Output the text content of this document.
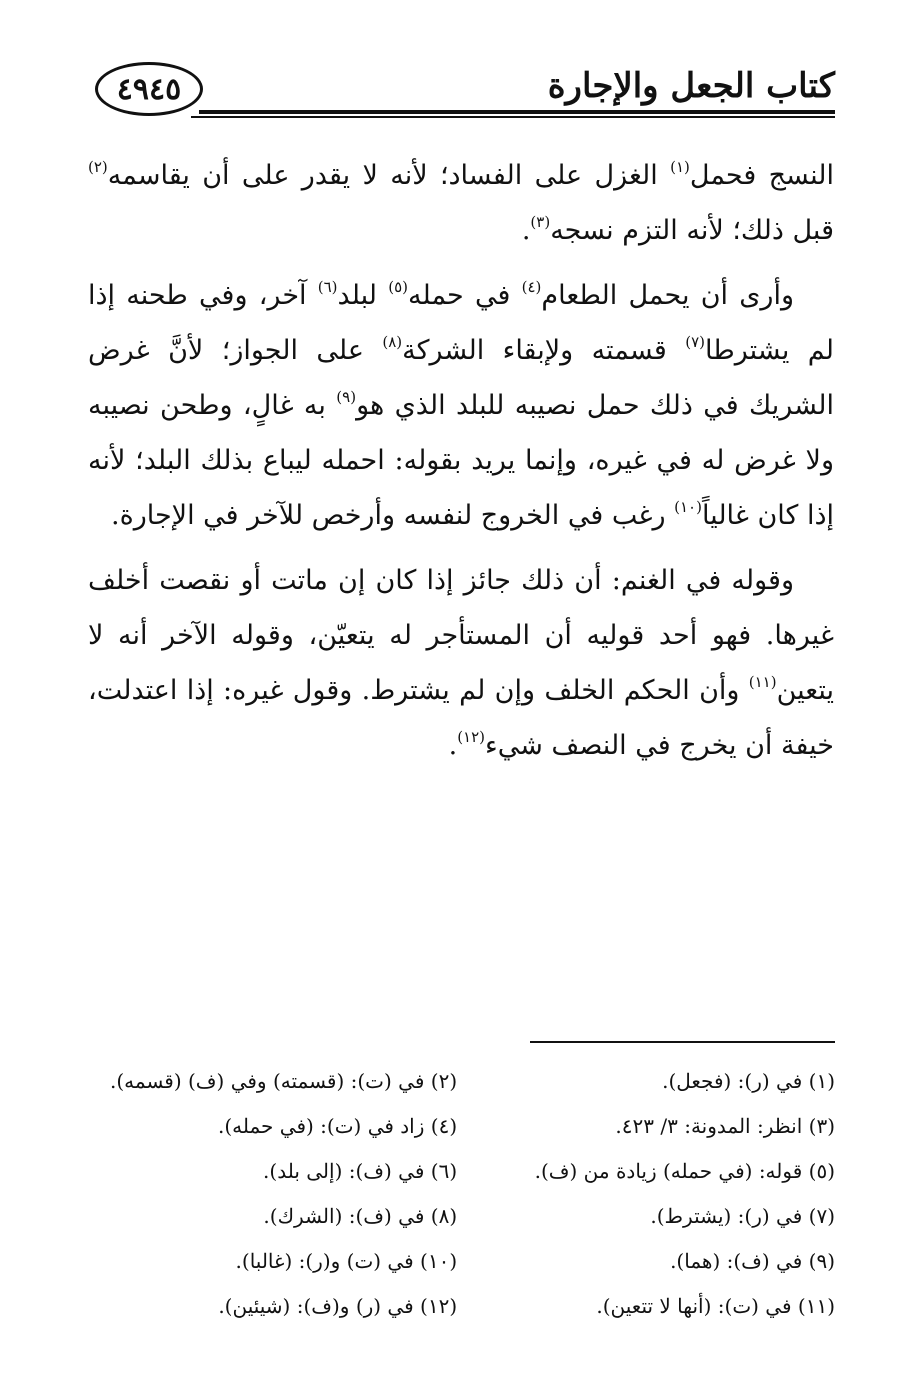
٤٩٤٥	كتاب الجعل والإجارة

النسج فحمل$^{(١)}$ الغزل على الفساد؛ لأنه لا يقدر على أن يقاسمه$^{(٢)}$ قبل ذلك؛ لأنه التزم نسجه$^{(٣)}$.

وأرى أن يحمل الطعام$^{(٤)}$ في حمله$^{(٥)}$ لبلد$^{(٦)}$ آخر، وفي طحنه إذا لم يشترطا$^{(٧)}$ قسمته ولإبقاء الشركة$^{(٨)}$ على الجواز؛ لأنَّ غرض الشريك في ذلك حمل نصيبه للبلد الذي هو$^{(٩)}$ به غالٍ، وطحن نصيبه ولا غرض له في غيره، وإنما يريد بقوله: احمله ليباع بذلك البلد؛ لأنه إذا كان غالياً$^{(١٠)}$ رغب في الخروج لنفسه وأرخص للآخر في الإجارة.

وقوله في الغنم: أن ذلك جائز إذا كان إن ماتت أو نقصت أخلف غيرها. فهو أحد قوليه أن المستأجر له يتعيّن، وقوله الآخر أنه لا يتعين$^{(١١)}$ وأن الحكم الخلف وإن لم يشترط. وقول غيره: إذا اعتدلت، خيفة أن يخرج في النصف شيء$^{(١٢)}$.

(١) في (ر): (فجعل).
(٢) في (ت): (قسمته) وفي (ف) (قسمه).
(٣) انظر: المدونة: ٣/ ٤٢٣.
(٤) زاد في (ت): (في حمله).
(٥) قوله: (في حمله) زيادة من (ف).
(٦) في (ف): (إلى بلد).
(٧) في (ر): (يشترط).
(٨) في (ف): (الشرك).
(٩) في (ف): (هما).
(١٠) في (ت) و(ر): (غالبا).
(١١) في (ت): (أنها لا تتعين).
(١٢) في (ر) و(ف): (شيئين).
